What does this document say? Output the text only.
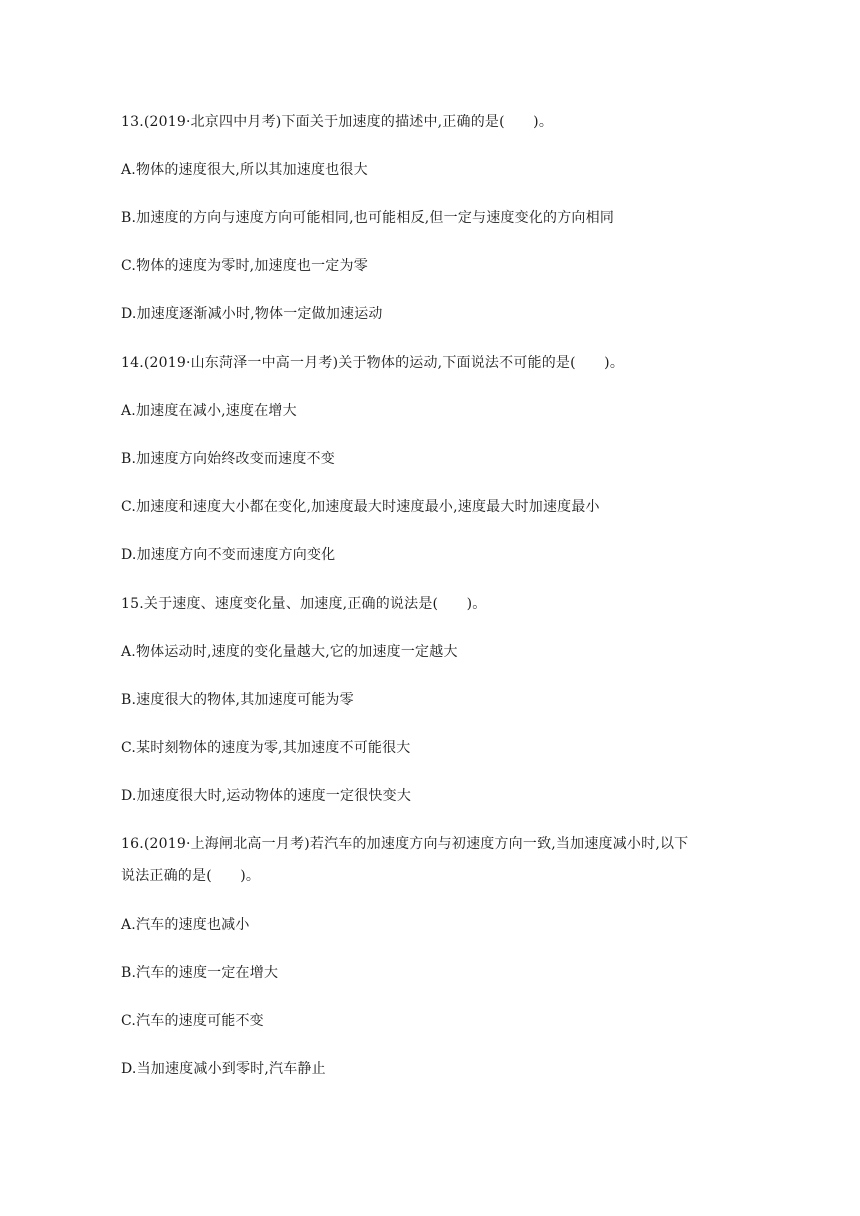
13.(2019·北京四中月考)下面关于加速度的描述中,正确的是(　　)。
A.物体的速度很大,所以其加速度也很大
B.加速度的方向与速度方向可能相同,也可能相反,但一定与速度变化的方向相同
C.物体的速度为零时,加速度也一定为零
D.加速度逐渐减小时,物体一定做加速运动
14.(2019·山东菏泽一中高一月考)关于物体的运动,下面说法不可能的是(　　)。
A.加速度在减小,速度在增大
B.加速度方向始终改变而速度不变
C.加速度和速度大小都在变化,加速度最大时速度最小,速度最大时加速度最小
D.加速度方向不变而速度方向变化
15.关于速度、速度变化量、加速度,正确的说法是(　　)。
A.物体运动时,速度的变化量越大,它的加速度一定越大
B.速度很大的物体,其加速度可能为零
C.某时刻物体的速度为零,其加速度不可能很大
D.加速度很大时,运动物体的速度一定很快变大
16.(2019·上海闸北高一月考)若汽车的加速度方向与初速度方向一致,当加速度减小时,以下
说法正确的是(　　)。
A.汽车的速度也减小
B.汽车的速度一定在增大
C.汽车的速度可能不变
D.当加速度减小到零时,汽车静止
